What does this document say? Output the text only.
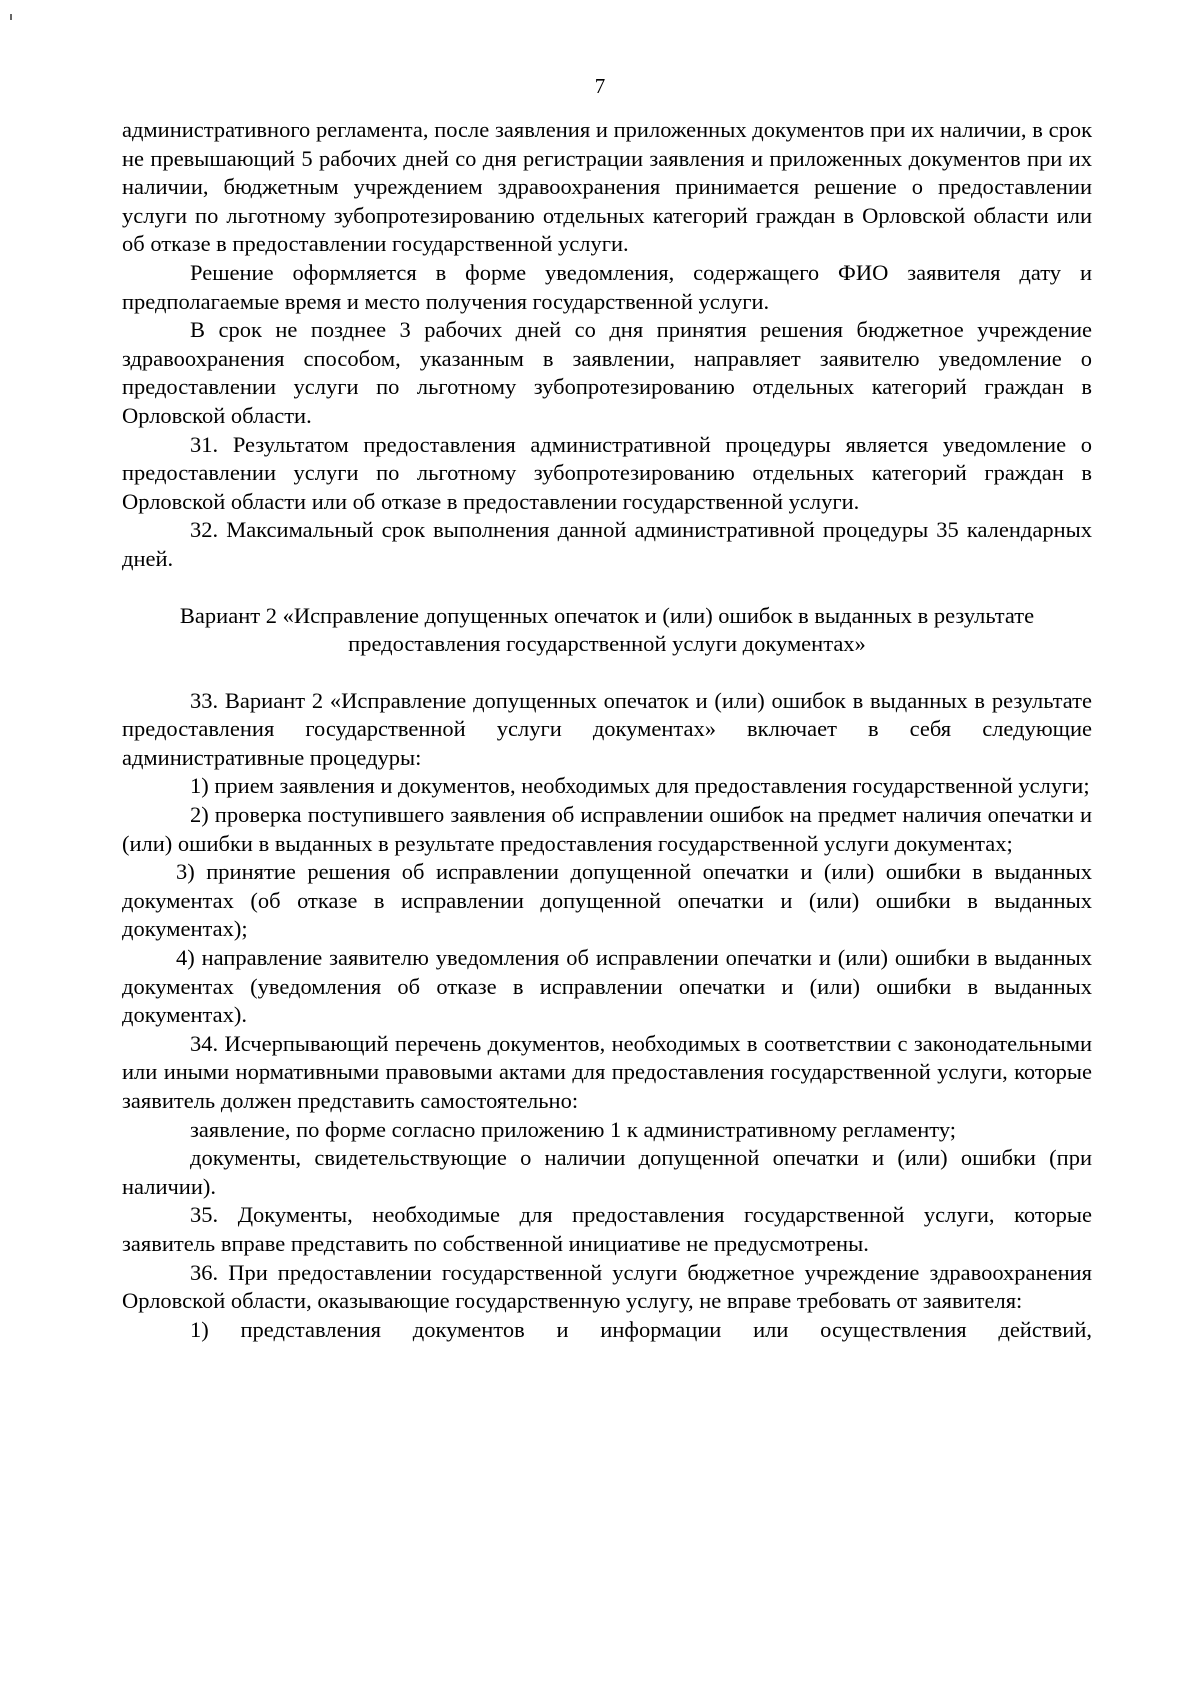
7

административного регламента, после заявления и приложенных документов при их наличии, в срок не превышающий 5 рабочих дней со дня регистрации заявления и приложенных документов при их наличии, бюджетным учреждением здравоохранения принимается решение о предоставлении услуги по льготному зубопротезированию отдельных категорий граждан в Орловской области или об отказе в предоставлении государственной услуги.

Решение оформляется в форме уведомления, содержащего ФИО заявителя дату и предполагаемые время и место получения государственной услуги.

В срок не позднее 3 рабочих дней со дня принятия решения бюджетное учреждение здравоохранения способом, указанным в заявлении, направляет заявителю уведомление о предоставлении услуги по льготному зубопротезированию отдельных категорий граждан в Орловской области.

31. Результатом предоставления административной процедуры является уведомление о предоставлении услуги по льготному зубопротезированию отдельных категорий граждан в Орловской области или об отказе в предоставлении государственной услуги.

32. Максимальный срок выполнения данной административной процедуры 35 календарных дней.

Вариант 2 «Исправление допущенных опечаток и (или) ошибок в выданных в результате предоставления государственной услуги документах»

33. Вариант 2 «Исправление допущенных опечаток и (или) ошибок в выданных в результате предоставления государственной услуги документах» включает в себя следующие административные процедуры:

1) прием заявления и документов, необходимых для предоставления государственной услуги;

2) проверка поступившего заявления об исправлении ошибок на предмет наличия опечатки и (или) ошибки в выданных в результате предоставления государственной услуги документах;

3) принятие решения об исправлении допущенной опечатки и (или) ошибки в выданных документах (об отказе в исправлении допущенной опечатки и (или) ошибки в выданных документах);

4) направление заявителю уведомления об исправлении опечатки и (или) ошибки в выданных документах (уведомления об отказе в исправлении опечатки и (или) ошибки в выданных документах).

34. Исчерпывающий перечень документов, необходимых в соответствии с законодательными или иными нормативными правовыми актами для предоставления государственной услуги, которые заявитель должен представить самостоятельно:

заявление, по форме согласно приложению 1 к административному регламенту;

документы, свидетельствующие о наличии допущенной опечатки и (или) ошибки (при наличии).

35. Документы, необходимые для предоставления государственной услуги, которые заявитель вправе представить по собственной инициативе не предусмотрены.

36. При предоставлении государственной услуги бюджетное учреждение здравоохранения Орловской области, оказывающие государственную услугу, не вправе требовать от заявителя:

1) представления документов и информации или осуществления действий,
